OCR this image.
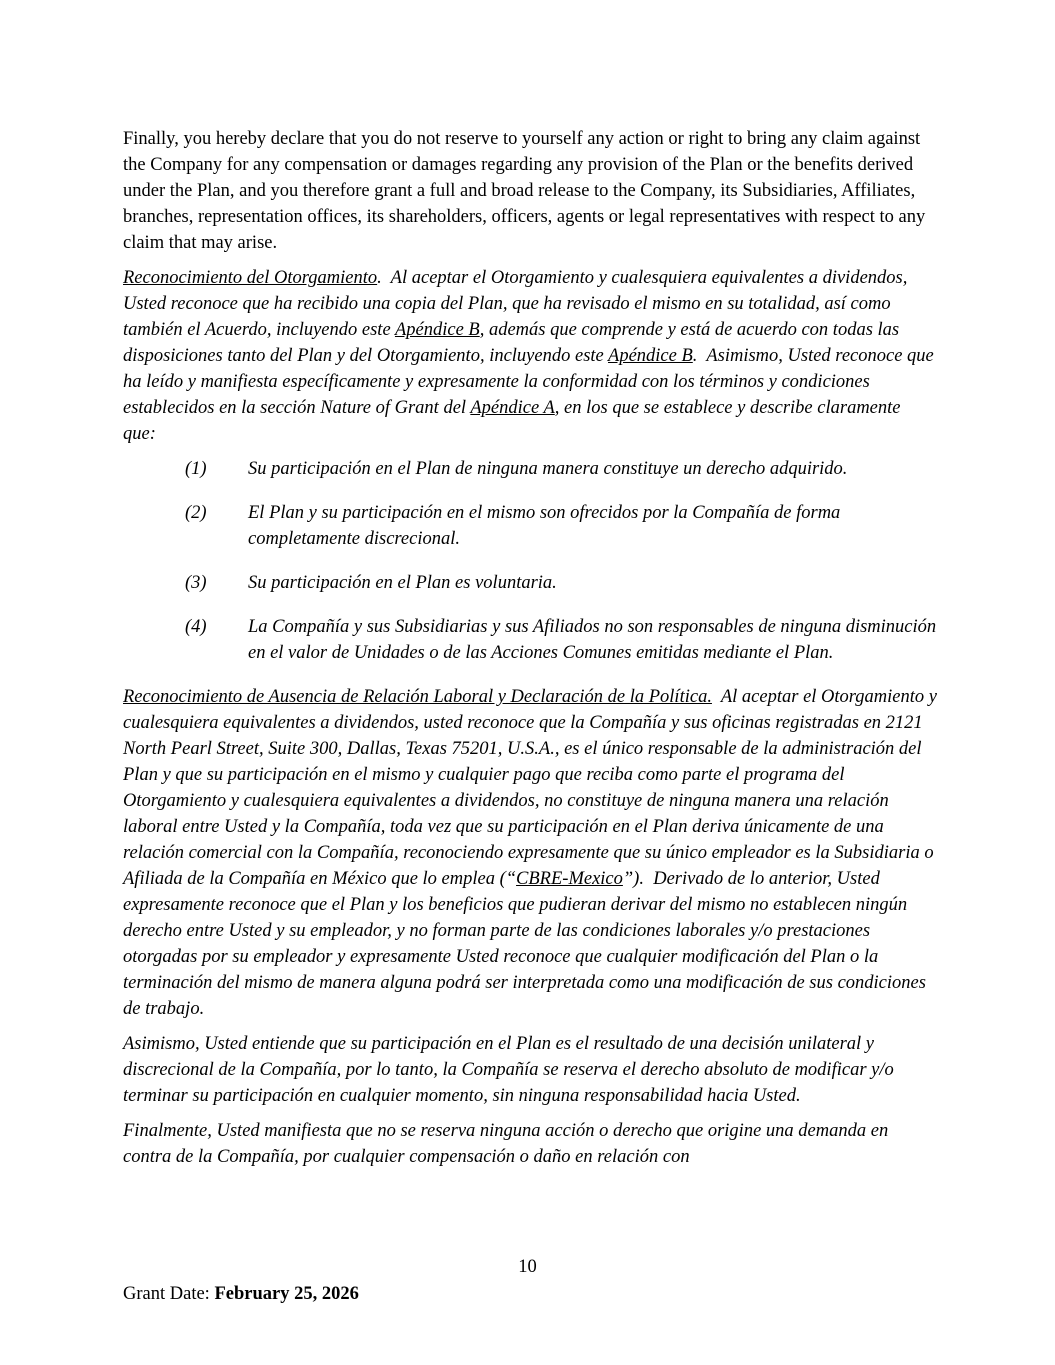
Finally, you hereby declare that you do not reserve to yourself any action or right to bring any claim against the Company for any compensation or damages regarding any provision of the Plan or the benefits derived under the Plan, and you therefore grant a full and broad release to the Company, its Subsidiaries, Affiliates, branches, representation offices, its shareholders, officers, agents or legal representatives with respect to any claim that may arise.

Reconocimiento del Otorgamiento.  Al aceptar el Otorgamiento y cualesquiera equivalentes a dividendos, Usted reconoce que ha recibido una copia del Plan, que ha revisado el mismo en su totalidad, así como también el Acuerdo, incluyendo este Apéndice B, además que comprende y está de acuerdo con todas las disposiciones tanto del Plan y del Otorgamiento, incluyendo este Apéndice B.  Asimismo, Usted reconoce que ha leído y manifiesta específicamente y expresamente la conformidad con los términos y condiciones establecidos en la sección Nature of Grant del Apéndice A, en los que se establece y describe claramente que:

(1) Su participación en el Plan de ninguna manera constituye un derecho adquirido.
(2) El Plan y su participación en el mismo son ofrecidos por la Compañía de forma completamente discrecional.
(3) Su participación en el Plan es voluntaria.
(4) La Compañía y sus Subsidiarias y sus Afiliados no son responsables de ninguna disminución en el valor de Unidades o de las Acciones Comunes emitidas mediante el Plan.

Reconocimiento de Ausencia de Relación Laboral y Declaración de la Política.  Al aceptar el Otorgamiento y cualesquiera equivalentes a dividendos, usted reconoce que la Compañía y sus oficinas registradas en 2121 North Pearl Street, Suite 300, Dallas, Texas 75201, U.S.A., es el único responsable de la administración del Plan y que su participación en el mismo y cualquier pago que reciba como parte el programa del Otorgamiento y cualesquiera equivalentes a dividendos, no constituye de ninguna manera una relación laboral entre Usted y la Compañía, toda vez que su participación en el Plan deriva únicamente de una relación comercial con la Compañía, reconociendo expresamente que su único empleador es la Subsidiaria o Afiliada de la Compañía en México que lo emplea (“CBRE-Mexico”).  Derivado de lo anterior, Usted expresamente reconoce que el Plan y los beneficios que pudieran derivar del mismo no establecen ningún derecho entre Usted y su empleador, y no forman parte de las condiciones laborales y/o prestaciones otorgadas por su empleador y expresamente Usted reconoce que cualquier modificación del Plan o la terminación del mismo de manera alguna podrá ser interpretada como una modificación de sus condiciones de trabajo.

Asimismo, Usted entiende que su participación en el Plan es el resultado de una decisión unilateral y discrecional de la Compañía, por lo tanto, la Compañía se reserva el derecho absoluto de modificar y/o terminar su participación en cualquier momento, sin ninguna responsabilidad hacia Usted.

Finalmente, Usted manifiesta que no se reserva ninguna acción o derecho que origine una demanda en contra de la Compañía, por cualquier compensación o daño en relación con

10
Grant Date: February 25, 2026
